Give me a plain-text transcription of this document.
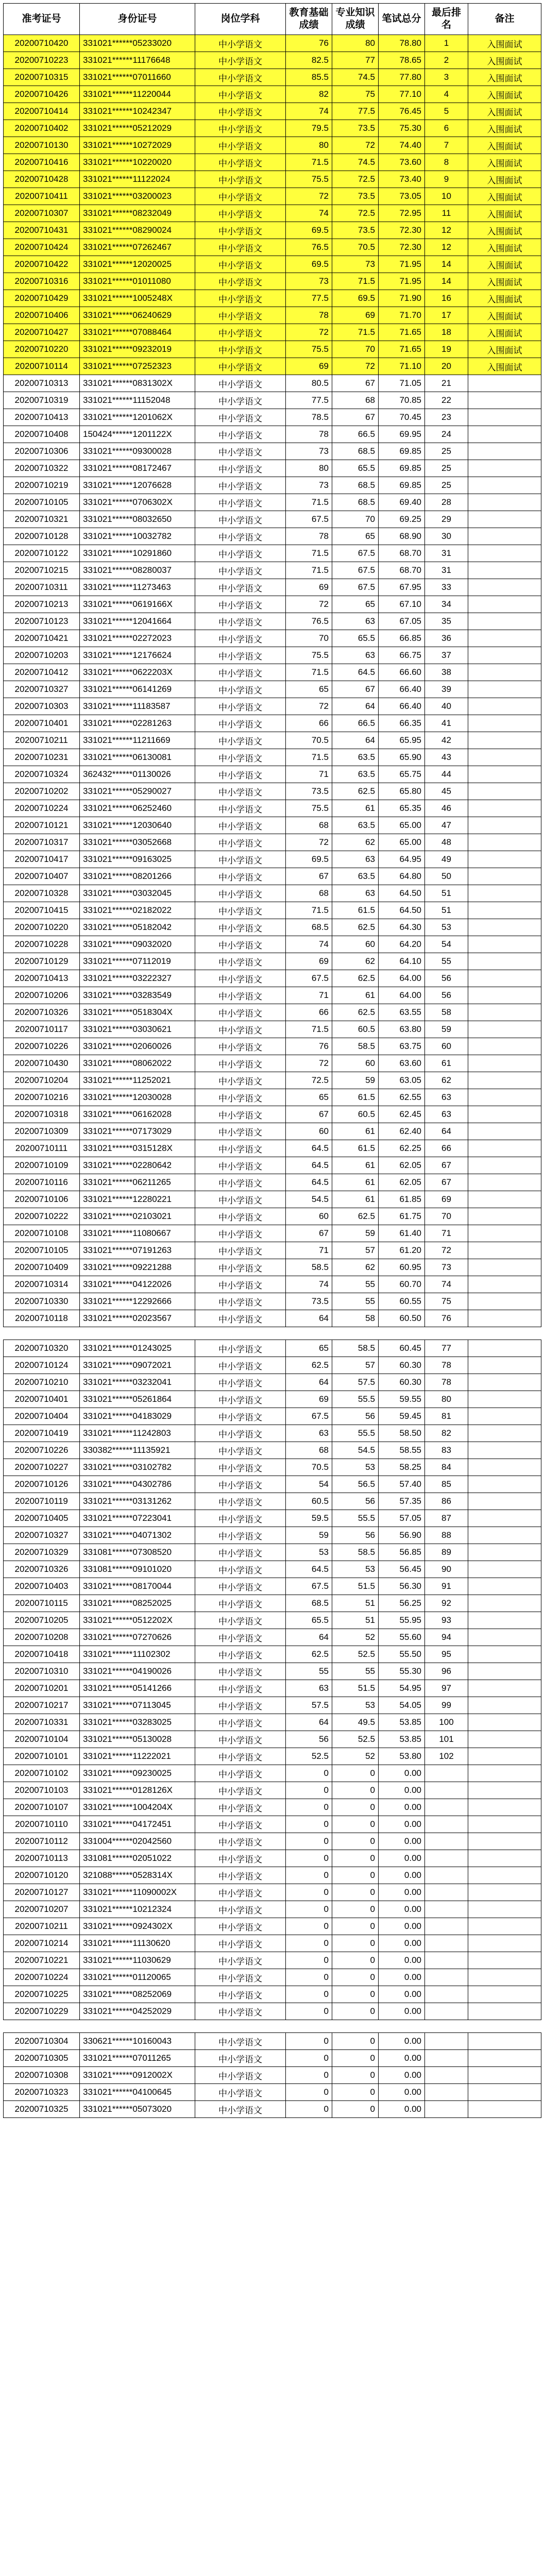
准考证号	身份证号	岗位学科	教育基础成绩	专业知识成绩	笔试总分	最后排名	备注
20200710420	331021******05233020	中小学语文	76	80	78.80	1	入围面试
20200710223	331021******11176648	中小学语文	82.5	77	78.65	2	入围面试
20200710315	331021******07011660	中小学语文	85.5	74.5	77.80	3	入围面试
20200710426	331021******11220044	中小学语文	82	75	77.10	4	入围面试
20200710414	331021******10242347	中小学语文	74	77.5	76.45	5	入围面试
20200710402	331021******05212029	中小学语文	79.5	73.5	75.30	6	入围面试
20200710130	331021******10272029	中小学语文	80	72	74.40	7	入围面试
20200710416	331021******10220020	中小学语文	71.5	74.5	73.60	8	入围面试
20200710428	331021******11122024	中小学语文	75.5	72.5	73.40	9	入围面试
20200710411	331021******03200023	中小学语文	72	73.5	73.05	10	入围面试
20200710307	331021******08232049	中小学语文	74	72.5	72.95	11	入围面试
20200710431	331021******08290024	中小学语文	69.5	73.5	72.30	12	入围面试
20200710424	331021******07262467	中小学语文	76.5	70.5	72.30	12	入围面试
20200710422	331021******12020025	中小学语文	69.5	73	71.95	14	入围面试
20200710316	331021******01011080	中小学语文	73	71.5	71.95	14	入围面试
20200710429	331021******1005248X	中小学语文	77.5	69.5	71.90	16	入围面试
20200710406	331021******06240629	中小学语文	78	69	71.70	17	入围面试
20200710427	331021******07088464	中小学语文	72	71.5	71.65	18	入围面试
20200710220	331021******09232019	中小学语文	75.5	70	71.65	19	入围面试
20200710114	331021******07252323	中小学语文	69	72	71.10	20	入围面试
20200710313	331021******0831302X	中小学语文	80.5	67	71.05	21	
20200710319	331021******11152048	中小学语文	77.5	68	70.85	22	
20200710413	331021******1201062X	中小学语文	78.5	67	70.45	23	
20200710408	150424******1201122X	中小学语文	78	66.5	69.95	24	
20200710306	331021******09300028	中小学语文	73	68.5	69.85	25	
20200710322	331021******08172467	中小学语文	80	65.5	69.85	25	
20200710219	331021******12076628	中小学语文	73	68.5	69.85	25	
20200710105	331021******0706302X	中小学语文	71.5	68.5	69.40	28	
20200710321	331021******08032650	中小学语文	67.5	70	69.25	29	
20200710128	331021******10032782	中小学语文	78	65	68.90	30	
20200710122	331021******10291860	中小学语文	71.5	67.5	68.70	31	
20200710215	331021******08280037	中小学语文	71.5	67.5	68.70	31	
20200710311	331021******11273463	中小学语文	69	67.5	67.95	33	
20200710213	331021******0619166X	中小学语文	72	65	67.10	34	
20200710123	331021******12041664	中小学语文	76.5	63	67.05	35	
20200710421	331021******02272023	中小学语文	70	65.5	66.85	36	
20200710203	331021******12176624	中小学语文	75.5	63	66.75	37	
20200710412	331021******0622203X	中小学语文	71.5	64.5	66.60	38	
20200710327	331021******06141269	中小学语文	65	67	66.40	39	
20200710303	331021******11183587	中小学语文	72	64	66.40	40	
20200710401	331021******02281263	中小学语文	66	66.5	66.35	41	
20200710211	331021******11211669	中小学语文	70.5	64	65.95	42	
20200710231	331021******06130081	中小学语文	71.5	63.5	65.90	43	
20200710324	362432******01130026	中小学语文	71	63.5	65.75	44	
20200710202	331021******05290027	中小学语文	73.5	62.5	65.80	45	
20200710224	331021******06252460	中小学语文	75.5	61	65.35	46	
20200710121	331021******12030640	中小学语文	68	63.5	65.00	47	
20200710317	331021******03052668	中小学语文	72	62	65.00	48	
20200710417	331021******09163025	中小学语文	69.5	63	64.95	49	
20200710407	331021******08201266	中小学语文	67	63.5	64.80	50	
20200710328	331021******03032045	中小学语文	68	63	64.50	51	
20200710415	331021******02182022	中小学语文	71.5	61.5	64.50	51	
20200710220	331021******05182042	中小学语文	68.5	62.5	64.30	53	
20200710228	331021******09032020	中小学语文	74	60	64.20	54	
20200710129	331021******07112019	中小学语文	69	62	64.10	55	
20200710413	331021******03222327	中小学语文	67.5	62.5	64.00	56	
20200710206	331021******03283549	中小学语文	71	61	64.00	56	
20200710326	331021******0518304X	中小学语文	66	62.5	63.55	58	
20200710117	331021******03030621	中小学语文	71.5	60.5	63.80	59	
20200710226	331021******02060026	中小学语文	76	58.5	63.75	60	
20200710430	331021******08062022	中小学语文	72	60	63.60	61	
20200710204	331021******11252021	中小学语文	72.5	59	63.05	62	
20200710216	331021******12030028	中小学语文	65	61.5	62.55	63	
20200710318	331021******06162028	中小学语文	67	60.5	62.45	63	
20200710309	331021******07173029	中小学语文	60	61	62.40	64	
20200710111	331021******0315128X	中小学语文	64.5	61.5	62.25	66	
20200710109	331021******02280642	中小学语文	64.5	61	62.05	67	
20200710116	331021******06211265	中小学语文	64.5	61	62.05	67	
20200710106	331021******12280221	中小学语文	54.5	61	61.85	69	
20200710222	331021******02103021	中小学语文	60	62.5	61.75	70	
20200710108	331021******11080667	中小学语文	67	59	61.40	71	
20200710105	331021******07191263	中小学语文	71	57	61.20	72	
20200710409	331021******09221288	中小学语文	58.5	62	60.95	73	
20200710314	331021******04122026	中小学语文	74	55	60.70	74	
20200710330	331021******12292666	中小学语文	73.5	55	60.55	75	
20200710118	331021******02023567	中小学语文	64	58	60.50	76	

20200710320	331021******01243025	中小学语文	65	58.5	60.45	77	
20200710124	331021******09072021	中小学语文	62.5	57	60.30	78	
20200710210	331021******03232041	中小学语文	64	57.5	60.30	78	
20200710401	331021******05261864	中小学语文	69	55.5	59.55	80	
20200710404	331021******04183029	中小学语文	67.5	56	59.45	81	
20200710419	331021******11242803	中小学语文	63	55.5	58.50	82	
20200710226	330382******11135921	中小学语文	68	54.5	58.55	83	
20200710227	331021******03102782	中小学语文	70.5	53	58.25	84	
20200710126	331021******04302786	中小学语文	54	56.5	57.40	85	
20200710119	331021******03131262	中小学语文	60.5	56	57.35	86	
20200710405	331021******07223041	中小学语文	59.5	55.5	57.05	87	
20200710327	331021******04071302	中小学语文	59	56	56.90	88	
20200710329	331081******07308520	中小学语文	53	58.5	56.85	89	
20200710326	331081******09101020	中小学语文	64.5	53	56.45	90	
20200710403	331021******08170044	中小学语文	67.5	51.5	56.30	91	
20200710115	331021******08252025	中小学语文	68.5	51	56.25	92	
20200710205	331021******0512202X	中小学语文	65.5	51	55.95	93	
20200710208	331021******07270626	中小学语文	64	52	55.60	94	
20200710418	331021******11102302	中小学语文	62.5	52.5	55.50	95	
20200710310	331021******04190026	中小学语文	55	55	55.30	96	
20200710201	331021******05141266	中小学语文	63	51.5	54.95	97	
20200710217	331021******07113045	中小学语文	57.5	53	54.05	99	
20200710331	331021******03283025	中小学语文	64	49.5	53.85	100	
20200710104	331021******05130028	中小学语文	56	52.5	53.85	101	
20200710101	331021******11222021	中小学语文	52.5	52	53.80	102	
20200710102	331021******09230025	中小学语文	0	0	0.00		
20200710103	331021******0128126X	中小学语文	0	0	0.00		
20200710107	331021******1004204X	中小学语文	0	0	0.00		
20200710110	331021******04172451	中小学语文	0	0	0.00		
20200710112	331004******02042560	中小学语文	0	0	0.00		
20200710113	331081******02051022	中小学语文	0	0	0.00		
20200710120	321088******0528314X	中小学语文	0	0	0.00		
20200710127	331021******11090002X	中小学语文	0	0	0.00		
20200710207	331021******10212324	中小学语文	0	0	0.00		
20200710211	331021******0924302X	中小学语文	0	0	0.00		
20200710214	331021******11130620	中小学语文	0	0	0.00		
20200710221	331021******11030629	中小学语文	0	0	0.00		
20200710224	331021******01120065	中小学语文	0	0	0.00		
20200710225	331021******08252069	中小学语文	0	0	0.00		
20200710229	331021******04252029	中小学语文	0	0	0.00		

20200710304	330621******10160043	中小学语文	0	0	0.00		
20200710305	331021******07011265	中小学语文	0	0	0.00		
20200710308	331021******0912002X	中小学语文	0	0	0.00		
20200710323	331021******04100645	中小学语文	0	0	0.00		
20200710325	331021******05073020	中小学语文	0	0	0.00		
